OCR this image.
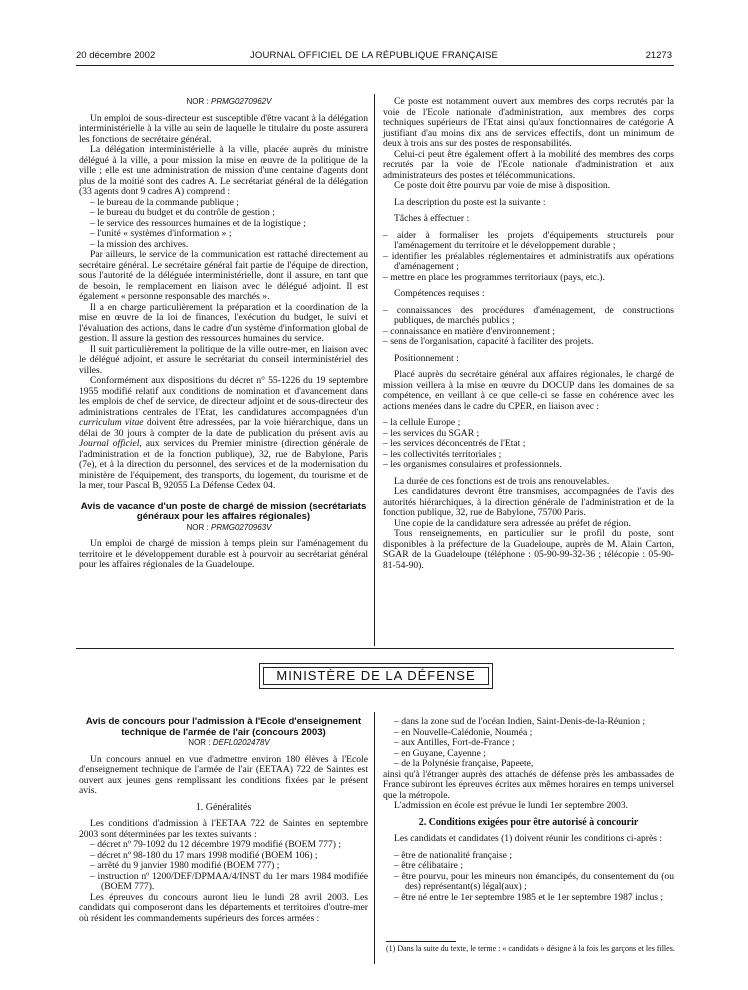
20 décembre 2002	JOURNAL OFFICIEL DE LA RÉPUBLIQUE FRANÇAISE	21273

NOR : PRMG0270962V

Un emploi de sous-directeur est susceptible d'être vacant à la délégation interministérielle à la ville au sein de laquelle le titulaire du poste assurera les fonctions de secrétaire général.

La délégation interministérielle à la ville, placée auprès du ministre délégué à la ville, a pour mission la mise en œuvre de la politique de la ville ; elle est une administration de mission d'une centaine d'agents dont plus de la moitié sont des cadres A. Le secrétariat général de la délégation (33 agents dont 9 cadres A) comprend :

– le bureau de la commande publique ;
– le bureau du budget et du contrôle de gestion ;
– le service des ressources humaines et de la logistique ;
– l'unité « systèmes d'information » ;
– la mission des archives.

Par ailleurs, le service de la communication est rattaché directement au secrétaire général. Le secrétaire général fait partie de l'équipe de direction, sous l'autorité de la déléguée interministérielle, dont il assure, en tant que de besoin, le remplacement en liaison avec le délégué adjoint. Il est également « personne responsable des marchés ».

Il a en charge particulièrement la préparation et la coordination de la mise en œuvre de la loi de finances, l'exécution du budget, le suivi et l'évaluation des actions, dans le cadre d'un système d'information global de gestion. Il assure la gestion des ressources humaines du service.

Il suit particulièrement la politique de la ville outre-mer, en liaison avec le délégué adjoint, et assure le secrétariat du conseil interministériel des villes.

Conformément aux dispositions du décret n° 55-1226 du 19 septembre 1955 modifié relatif aux conditions de nomination et d'avancement dans les emplois de chef de service, de directeur adjoint et de sous-directeur des administrations centrales de l'Etat, les candidatures accompagnées d'un curriculum vitae doivent être adressées, par la voie hiérarchique, dans un délai de 30 jours à compter de la date de publication du présent avis au Journal officiel, aux services du Premier ministre (direction générale de l'administration et de la fonction publique), 32, rue de Babylone, Paris (7e), et à la direction du personnel, des services et de la modernisation du ministère de l'équipement, des transports, du logement, du tourisme et de la mer, tour Pascal B, 92055 La Défense Cedex 04.

Avis de vacance d'un poste de chargé de mission (secrétariats généraux pour les affaires régionales)

NOR : PRMG0270963V

Un emploi de chargé de mission à temps plein sur l'aménagement du territoire et le développement durable est à pourvoir au secrétariat général pour les affaires régionales de la Guadeloupe.

Ce poste est notamment ouvert aux membres des corps recrutés par la voie de l'Ecole nationale d'administration, aux membres des corps techniques supérieurs de l'Etat ainsi qu'aux fonctionnaires de catégorie A justifiant d'au moins dix ans de services effectifs, dont un minimum de deux à trois ans sur des postes de responsabilités.

Celui-ci peut être également offert à la mobilité des membres des corps recrutés par la voie de l'Ecole nationale d'administration et aux administrateurs des postes et télécommunications.

Ce poste doit être pourvu par voie de mise à disposition.

La description du poste est la suivante :

Tâches à effectuer :

– aider à formaliser les projets d'équipements structurels pour l'aménagement du territoire et le développement durable ;
– identifier les préalables réglementaires et administratifs aux opérations d'aménagement ;
– mettre en place les programmes territoriaux (pays, etc.).

Compétences requises :

– connaissances des procédures d'aménagement, de constructions publiques, de marchés publics ;
– connaissance en matière d'environnement ;
– sens de l'organisation, capacité à faciliter des projets.

Positionnement :

Placé auprès du secrétaire général aux affaires régionales, le chargé de mission veillera à la mise en œuvre du DOCUP dans les domaines de sa compétence, en veillant à ce que celle-ci se fasse en cohérence avec les actions menées dans le cadre du CPER, en liaison avec :

– la cellule Europe ;
– les services du SGAR ;
– les services déconcentrés de l'Etat ;
– les collectivités territoriales ;
– les organismes consulaires et professionnels.

La durée de ces fonctions est de trois ans renouvelables.

Les candidatures devront être transmises, accompagnées de l'avis des autorités hiérarchiques, à la direction générale de l'administration et de la fonction publique, 32, rue de Babylone, 75700 Paris.

Une copie de la candidature sera adressée au préfet de région.

Tous renseignements, en particulier sur le profil du poste, sont disponibles à la préfecture de la Guadeloupe, auprès de M. Alain Carton, SGAR de la Guadeloupe (téléphone : 05-90-99-32-36 ; télécopie : 05-90-81-54-90).

MINISTÈRE DE LA DÉFENSE
Avis de concours pour l'admission à l'Ecole d'enseignement technique de l'armée de l'air (concours 2003)

NOR : DEFL0202478V

Un concours annuel en vue d'admettre environ 180 élèves à l'Ecole d'enseignement technique de l'armée de l'air (EETAA) 722 de Saintes est ouvert aux jeunes gens remplissant les conditions fixées par le présent avis.

1. Généralités

Les conditions d'admission à l'EETAA 722 de Saintes en septembre 2003 sont déterminées par les textes suivants :

– décret nº 79-1092 du 12 décembre 1979 modifié (BOEM 777) ;
– décret nº 98-180 du 17 mars 1998 modifié (BOEM 106) ;
– arrêté du 9 janvier 1980 modifié (BOEM 777) ;
– instruction nº 1200/DEF/DPMAA/4/INST du 1er mars 1984 modifiée (BOEM 777).

Les épreuves du concours auront lieu le lundi 28 avril 2003. Les candidats qui composeront dans les départements et territoires d'outre-mer où résident les commandements supérieurs des forces armées :

– dans la zone sud de l'océan Indien, Saint-Denis-de-la-Réunion ;
– en Nouvelle-Calédonie, Nouméa ;
– aux Antilles, Fort-de-France ;
– en Guyane, Cayenne ;
– de la Polynésie française, Papeete,

ainsi qu'à l'étranger auprès des attachés de défense près les ambassades de France subiront les épreuves écrites aux mêmes horaires en temps universel que la métropole.

L'admission en école est prévue le lundi 1er septembre 2003.

2. Conditions exigées pour être autorisé à concourir

Les candidats et candidates (1) doivent réunir les conditions ci-après :

– être de nationalité française ;
– être célibataire ;
– être pourvu, pour les mineurs non émancipés, du consentement du (ou des) représentant(s) légal(aux) ;
– être né entre le 1er septembre 1985 et le 1er septembre 1987 inclus ;
(1) Dans la suite du texte, le terme : « candidats » désigne à la fois les garçons et les filles.
